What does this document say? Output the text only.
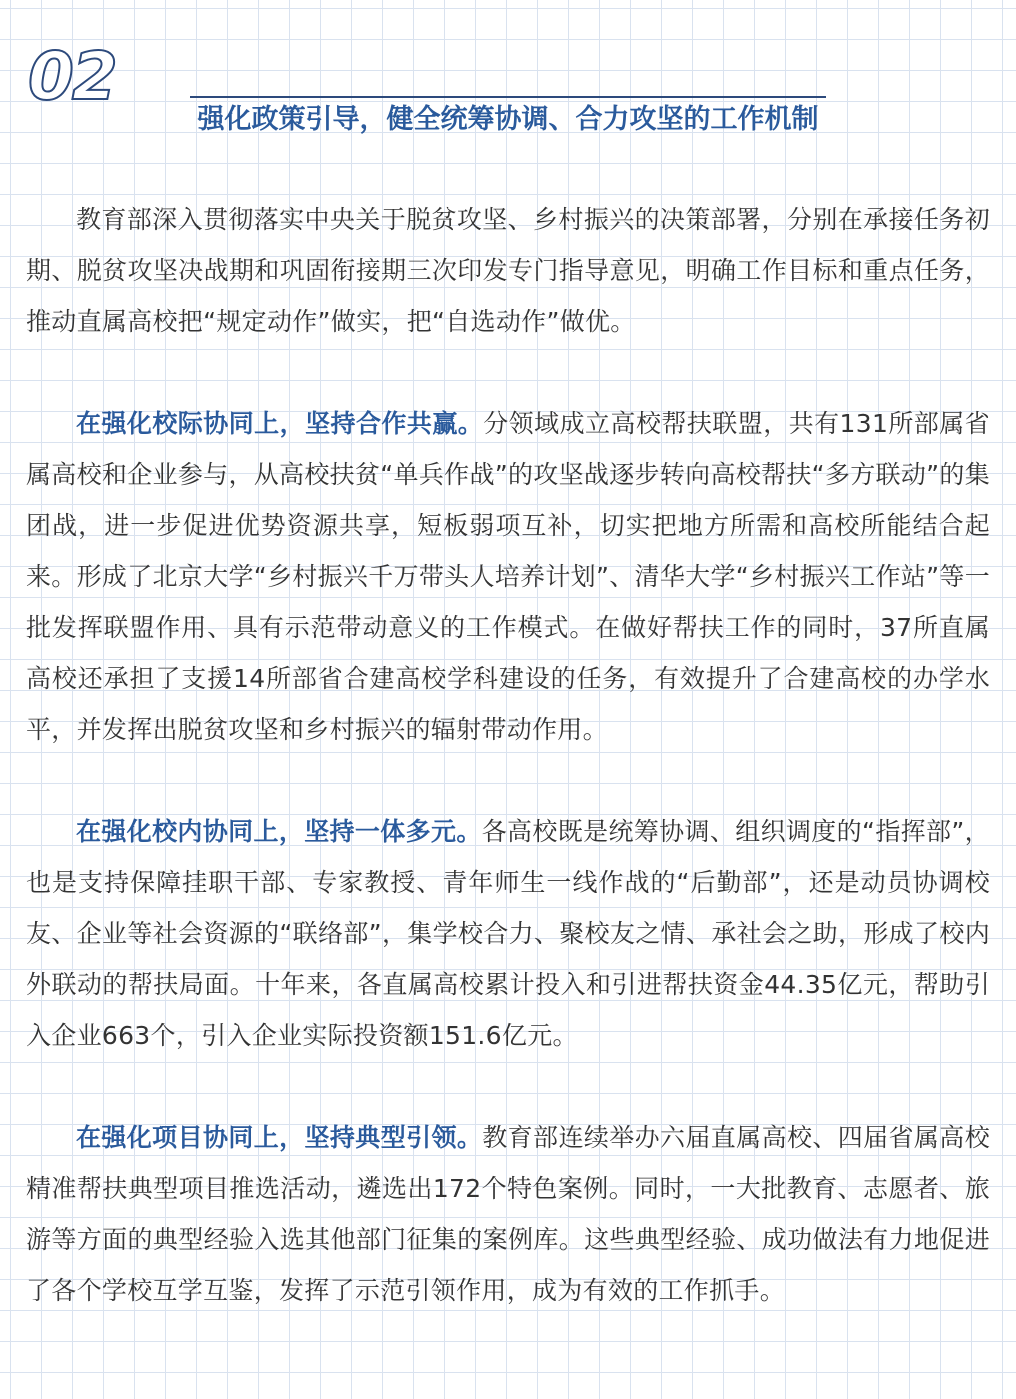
02
强化政策引导，健全统筹协调、合力攻坚的工作机制

教育部深入贯彻落实中央关于脱贫攻坚、乡村振兴的决策部署，分别在承接任务初期、脱贫攻坚决战期和巩固衔接期三次印发专门指导意见，明确工作目标和重点任务，推动直属高校把“规定动作”做实，把“自选动作”做优。

在强化校际协同上，坚持合作共赢。分领域成立高校帮扶联盟，共有131所部属省属高校和企业参与，从高校扶贫“单兵作战”的攻坚战逐步转向高校帮扶“多方联动”的集团战，进一步促进优势资源共享，短板弱项互补，切实把地方所需和高校所能结合起来。形成了北京大学“乡村振兴千万带头人培养计划”、清华大学“乡村振兴工作站”等一批发挥联盟作用、具有示范带动意义的工作模式。在做好帮扶工作的同时，37所直属高校还承担了支援14所部省合建高校学科建设的任务，有效提升了合建高校的办学水平，并发挥出脱贫攻坚和乡村振兴的辐射带动作用。

在强化校内协同上，坚持一体多元。各高校既是统筹协调、组织调度的“指挥部”，也是支持保障挂职干部、专家教授、青年师生一线作战的“后勤部”，还是动员协调校友、企业等社会资源的“联络部”，集学校合力、聚校友之情、承社会之助，形成了校内外联动的帮扶局面。十年来，各直属高校累计投入和引进帮扶资金44.35亿元，帮助引入企业663个，引入企业实际投资额151.6亿元。

在强化项目协同上，坚持典型引领。教育部连续举办六届直属高校、四届省属高校精准帮扶典型项目推选活动，遴选出172个特色案例。同时，一大批教育、志愿者、旅游等方面的典型经验入选其他部门征集的案例库。这些典型经验、成功做法有力地促进了各个学校互学互鉴，发挥了示范引领作用，成为有效的工作抓手。
